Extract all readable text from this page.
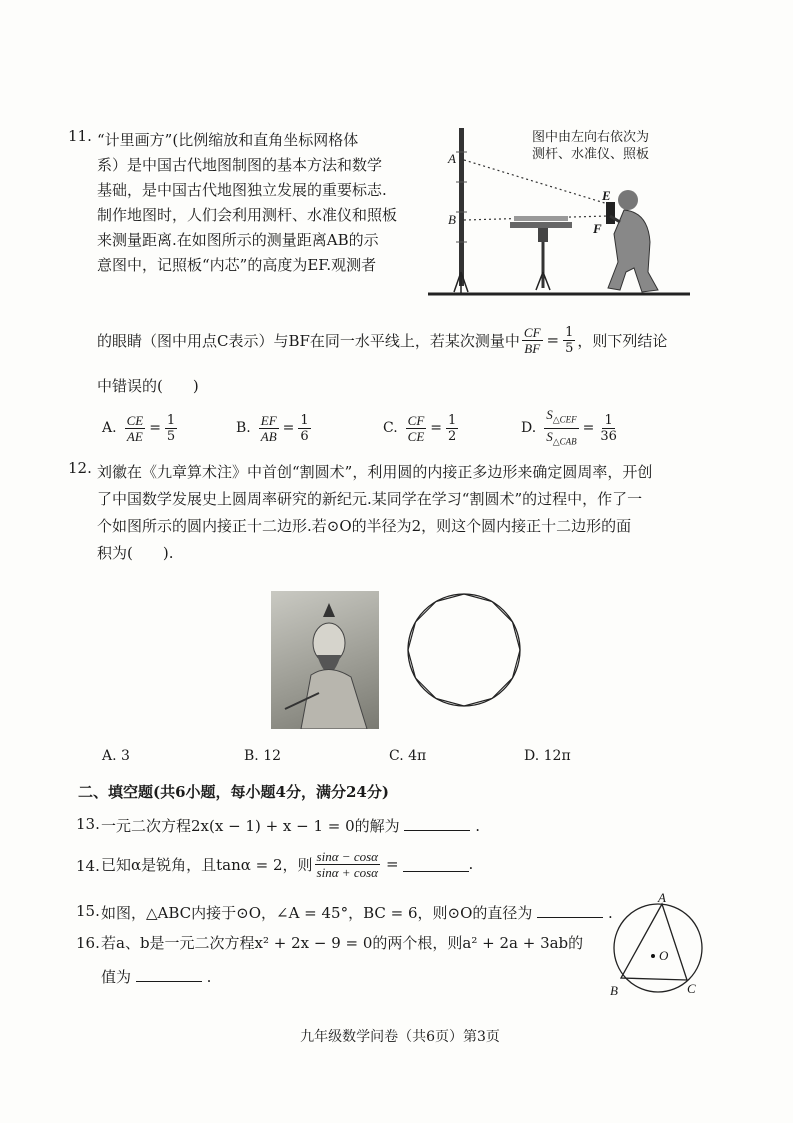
11. “计里画方”(比例缩放和直角坐标网格体
系）是中国古代地图制图的基本方法和数学
基础，是中国古代地图独立发展的重要标志.
制作地图时，人们会利用测杆、水准仪和照板
来测量距离.在如图所示的测量距离AB的示
意图中，记照板“内芯”的高度为EF.观测者
图中由左向右依次为
测杆、水准仪、照板
A
B
E
F
的眼睛（图中用点C表示）与BF在同一水平线上，若某次测量中 $\frac{CF}{BF} = \frac{1}{5}$ ，则下列结论
中错误的(　　)
A. $\frac{CE}{AE} = \frac{1}{5}$	B. $\frac{EF}{AB} = \frac{1}{6}$	C. $\frac{CF}{CE} = \frac{1}{2}$	D. $\frac{S_{\triangle CEF}}{S_{\triangle CAB}} = \frac{1}{36}$
12. 刘徽在《九章算术注》中首创“割圆术”，利用圆的内接正多边形来确定圆周率，开创
了中国数学发展史上圆周率研究的新纪元.某同学在学习“割圆术”的过程中，作了一
个如图所示的圆内接正十二边形.若⊙O的半径为2，则这个圆内接正十二边形的面
积为(　　).
A. 3	B. 12	C. 4π	D. 12π
二、填空题(共6小题，每小题4分，满分24分)
13. 一元二次方程2x(x − 1) + x − 1 = 0的解为	.
14. 已知α是锐角，且tanα = 2，则 $\frac{\sin\alpha - \cos\alpha}{\sin\alpha + \cos\alpha}$ =	.
15. 如图，△ABC内接于⊙O，∠A = 45°，BC = 6，则⊙O的直径为	.
16. 若a、b是一元二次方程x² + 2x − 9 = 0的两个根，则a² + 2a + 3ab的
值为	.
A
B	C
O
九年级数学问卷（共6页）第3页
